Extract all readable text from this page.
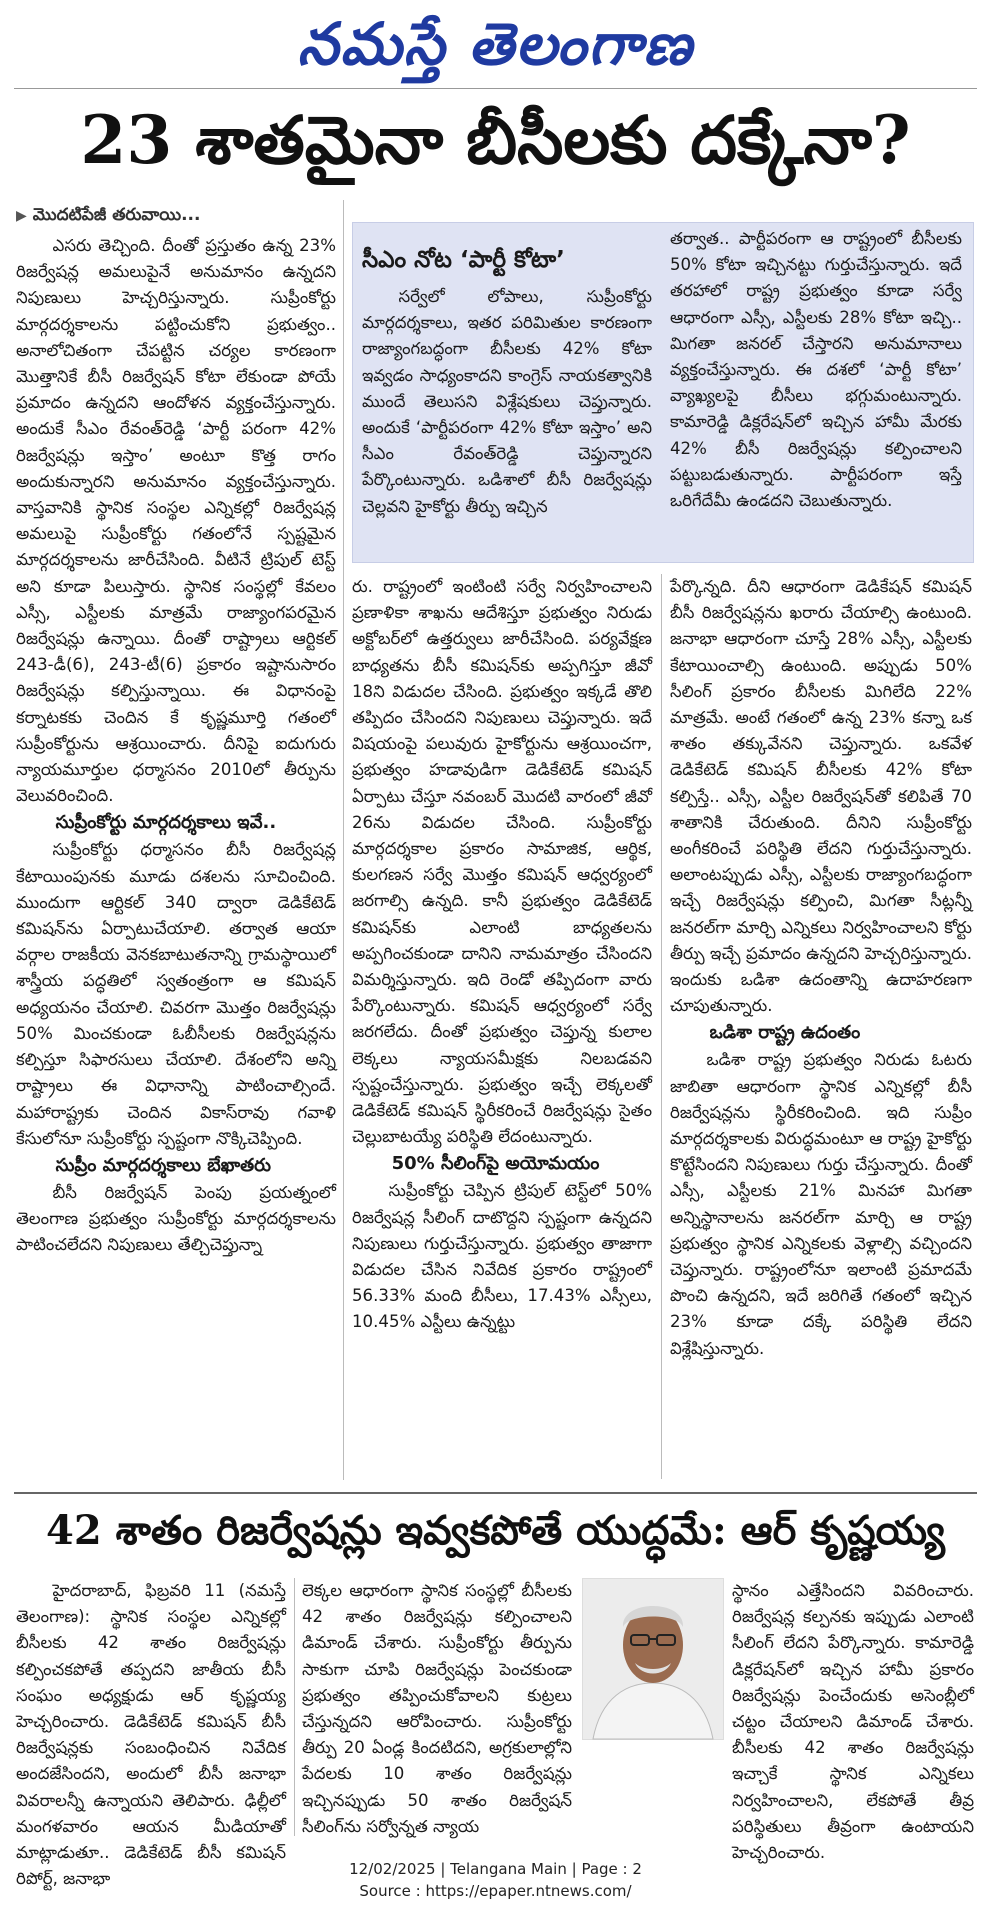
నమస్తే తెలంగాణ
23 శాతమైనా బీసీలకు దక్కేనా?
▶ మొదటిపేజీ తరువాయి...

ఎసరు తెచ్చింది. దీంతో ప్రస్తుతం ఉన్న 23% రిజర్వేషన్ల అమలుపైనే అనుమానం ఉన్నదని నిపుణులు హెచ్చరిస్తున్నారు. సుప్రీంకోర్టు మార్గదర్శకాలను పట్టించుకోని ప్రభుత్వం.. అనాలోచితంగా చేపట్టిన చర్యల కారణంగా మొత్తానికే బీసీ రిజర్వేషన్ కోటా లేకుండా పోయే ప్రమాదం ఉన్నదని ఆందోళన వ్యక్తంచేస్తున్నారు. అందుకే సీఎం రేవంత్‌రెడ్డి ‘పార్టీ పరంగా 42% రిజర్వేషన్లు ఇస్తాం’ అంటూ కొత్త రాగం అందుకున్నారని అనుమానం వ్యక్తంచేస్తున్నారు. వాస్తవానికి స్థానిక సంస్థల ఎన్నికల్లో రిజర్వేషన్ల అమలుపై సుప్రీంకోర్టు గతంలోనే స్పష్టమైన మార్గదర్శకాలను జారీచేసింది. వీటినే ట్రిపుల్ టెస్ట్ అని కూడా పిలుస్తారు. స్థానిక సంస్థల్లో కేవలం ఎస్సీ, ఎస్టీలకు మాత్రమే రాజ్యాంగపరమైన రిజర్వేషన్లు ఉన్నాయి. దీంతో రాష్ట్రాలు ఆర్టికల్ 243-డీ(6), 243-టీ(6) ప్రకారం ఇష్టానుసారం రిజర్వేషన్లు కల్పిస్తున్నాయి. ఈ విధానంపై కర్నాటకకు చెందిన కే కృష్ణమూర్తి గతంలో సుప్రీంకోర్టును ఆశ్రయించారు. దీనిపై ఐదుగురు న్యాయమూర్తుల ధర్మాసనం 2010లో తీర్పును వెలువరించింది.

సుప్రీంకోర్టు మార్గదర్శకాలు ఇవే..

సుప్రీంకోర్టు ధర్మాసనం బీసీ రిజర్వేషన్ల కేటాయింపునకు మూడు దశలను సూచించింది. ముందుగా ఆర్టికల్ 340 ద్వారా డెడికేటెడ్ కమిషన్‌ను ఏర్పాటుచేయాలి. తర్వాత ఆయా వర్గాల రాజకీయ వెనకబాటుతనాన్ని గ్రామస్థాయిలో శాస్త్రీయ పద్ధతిలో స్వతంత్రంగా ఆ కమిషన్ అధ్యయనం చేయాలి. చివరగా మొత్తం రిజర్వేషన్లు 50% మించకుండా ఓబీసీలకు రిజర్వేషన్లను కల్పిస్తూ సిఫారసులు చేయాలి. దేశంలోని అన్ని రాష్ట్రాలు ఈ విధానాన్ని పాటించాల్సిందే. మహారాష్ట్రకు చెందిన వికాస్‌రావు గవాళి కేసులోనూ సుప్రీంకోర్టు స్పష్టంగా నొక్కిచెప్పింది.

సుప్రీం మార్గదర్శకాలు బేఖాతరు

బీసీ రిజర్వేషన్ పెంపు ప్రయత్నంలో తెలంగాణ ప్రభుత్వం సుప్రీంకోర్టు మార్గదర్శకాలను పాటించలేదని నిపుణులు తేల్చిచెప్తున్నా

సీఎం నోట ‘పార్టీ కోటా’

సర్వేలో లోపాలు, సుప్రీంకోర్టు మార్గదర్శకాలు, ఇతర పరిమితుల కారణంగా రాజ్యాంగబద్ధంగా బీసీలకు 42% కోటా ఇవ్వడం సాధ్యంకాదని కాంగ్రెస్ నాయకత్వానికి ముందే తెలుసని విశ్లేషకులు చెప్తున్నారు. అందుకే ‘పార్టీపరంగా 42% కోటా ఇస్తాం’ అని సీఎం రేవంత్‌రెడ్డి చెప్తున్నారని పేర్కొంటున్నారు. ఒడిశాలో బీసీ రిజర్వేషన్లు చెల్లవని హైకోర్టు తీర్పు ఇచ్చిన

తర్వాత.. పార్టీపరంగా ఆ రాష్ట్రంలో బీసీలకు 50% కోటా ఇచ్చినట్టు గుర్తుచేస్తున్నారు. ఇదే తరహాలో రాష్ట్ర ప్రభుత్వం కూడా సర్వే ఆధారంగా ఎస్సీ, ఎస్టీలకు 28% కోటా ఇచ్చి.. మిగతా జనరల్ చేస్తారని అనుమానాలు వ్యక్తంచేస్తున్నారు. ఈ దశలో ‘పార్టీ కోటా’ వ్యాఖ్యలపై బీసీలు భగ్గుమంటున్నారు. కామారెడ్డి డిక్లరేషన్‌లో ఇచ్చిన హామీ మేరకు 42% బీసీ రిజర్వేషన్లు కల్పించాలని పట్టుబడుతున్నారు. పార్టీపరంగా ఇస్తే ఒరిగేదేమీ ఉండదని చెబుతున్నారు.

రు. రాష్ట్రంలో ఇంటింటి సర్వే నిర్వహించాలని ప్రణాళికా శాఖను ఆదేశిస్తూ ప్రభుత్వం నిరుడు అక్టోబర్‌లో ఉత్తర్వులు జారీచేసింది. పర్యవేక్షణ బాధ్యతను బీసీ కమిషన్‌కు అప్పగిస్తూ జీవో 18ని విడుదల చేసింది. ప్రభుత్వం ఇక్కడే తొలి తప్పిదం చేసిందని నిపుణులు చెప్తున్నారు. ఇదే విషయంపై పలువురు హైకోర్టును ఆశ్రయించగా, ప్రభుత్వం హడావుడిగా డెడికేటెడ్ కమిషన్ ఏర్పాటు చేస్తూ నవంబర్ మొదటి వారంలో జీవో 26ను విడుదల చేసింది. సుప్రీంకోర్టు మార్గదర్శకాల ప్రకారం సామాజిక, ఆర్థిక, కులగణన సర్వే మొత్తం కమిషన్ ఆధ్వర్యంలో జరగాల్సి ఉన్నది. కానీ ప్రభుత్వం డెడికేటెడ్ కమిషన్‌కు ఎలాంటి బాధ్యతలను అప్పగించకుండా దానిని నామమాత్రం చేసిందని విమర్శిస్తున్నారు. ఇది రెండో తప్పిదంగా వారు పేర్కొంటున్నారు. కమిషన్ ఆధ్వర్యంలో సర్వే జరగలేదు. దీంతో ప్రభుత్వం చెప్తున్న కులాల లెక్కలు న్యాయసమీక్షకు నిలబడవని స్పష్టంచేస్తున్నారు. ప్రభుత్వం ఇచ్చే లెక్కలతో డెడికేటెడ్ కమిషన్ స్థిరీకరించే రిజర్వేషన్లు సైతం చెల్లుబాటయ్యే పరిస్థితి లేదంటున్నారు.

50% సీలింగ్‌పై అయోమయం

సుప్రీంకోర్టు చెప్పిన ట్రిపుల్ టెస్ట్‌లో 50% రిజర్వేషన్ల సీలింగ్ దాటొద్దని స్పష్టంగా ఉన్నదని నిపుణులు గుర్తుచేస్తున్నారు. ప్రభుత్వం తాజాగా విడుదల చేసిన నివేదిక ప్రకారం రాష్ట్రంలో 56.33% మంది బీసీలు, 17.43% ఎస్సీలు, 10.45% ఎస్టీలు ఉన్నట్టు

పేర్కొన్నది. దీని ఆధారంగా డెడికేషన్ కమిషన్ బీసీ రిజర్వేషన్లను ఖరారు చేయాల్సి ఉంటుంది. జనాభా ఆధారంగా చూస్తే 28% ఎస్సీ, ఎస్టీలకు కేటాయించాల్సి ఉంటుంది. అప్పుడు 50% సీలింగ్ ప్రకారం బీసీలకు మిగిలేది 22% మాత్రమే. అంటే గతంలో ఉన్న 23% కన్నా ఒక శాతం తక్కువేనని చెప్తున్నారు. ఒకవేళ డెడికేటెడ్ కమిషన్ బీసీలకు 42% కోటా కల్పిస్తే.. ఎస్సీ, ఎస్టీల రిజర్వేషన్‌తో కలిపితే 70 శాతానికి చేరుతుంది. దీనిని సుప్రీంకోర్టు అంగీకరించే పరిస్థితి లేదని గుర్తుచేస్తున్నారు. అలాంటప్పుడు ఎస్సీ, ఎస్టీలకు రాజ్యాంగబద్ధంగా ఇచ్చే రిజర్వేషన్లు కల్పించి, మిగతా సీట్లన్నీ జనరల్‌గా మార్చి ఎన్నికలు నిర్వహించాలని కోర్టు తీర్పు ఇచ్చే ప్రమాదం ఉన్నదని హెచ్చరిస్తున్నారు. ఇందుకు ఒడిశా ఉదంతాన్ని ఉదాహరణగా చూపుతున్నారు.

ఒడిశా రాష్ట్ర ఉదంతం

ఒడిశా రాష్ట్ర ప్రభుత్వం నిరుడు ఓటరు జాబితా ఆధారంగా స్థానిక ఎన్నికల్లో బీసీ రిజర్వేషన్లను స్థిరీకరించింది. ఇది సుప్రీం మార్గదర్శకాలకు విరుద్ధమంటూ ఆ రాష్ట్ర హైకోర్టు కొట్టేసిందని నిపుణులు గుర్తు చేస్తున్నారు. దీంతో ఎస్సీ, ఎస్టీలకు 21% మినహా మిగతా అన్నిస్థానాలను జనరల్‌గా మార్చి ఆ రాష్ట్ర ప్రభుత్వం స్థానిక ఎన్నికలకు వెళ్లాల్సి వచ్చిందని చెప్తున్నారు. రాష్ట్రంలోనూ ఇలాంటి ప్రమాదమే పొంచి ఉన్నదని, ఇదే జరిగితే గతంలో ఇచ్చిన 23% కూడా దక్కే పరిస్థితి లేదని విశ్లేషిస్తున్నారు.

42 శాతం రిజర్వేషన్లు ఇవ్వకపోతే యుద్ధమే: ఆర్ కృష్ణయ్య

హైదరాబాద్, ఫిబ్రవరి 11 (నమస్తే తెలంగాణ): స్థానిక సంస్థల ఎన్నికల్లో బీసీలకు 42 శాతం రిజర్వేషన్లు కల్పించకపోతే తప్పదని జాతీయ బీసీ సంఘం అధ్యక్షుడు ఆర్ కృష్ణయ్య హెచ్చరించారు. డెడికేటెడ్ కమిషన్ బీసీ రిజర్వేషన్లకు సంబంధించిన నివేదిక అందజేసిందని, అందులో బీసీ జనాభా వివరాలన్నీ ఉన్నాయని తెలిపారు. ఢిల్లీలో మంగళవారం ఆయన మీడియాతో మాట్లాడుతూ.. డెడికేటెడ్ బీసీ కమిషన్ రిపోర్ట్, జనాభా

లెక్కల ఆధారంగా స్థానిక సంస్థల్లో బీసీలకు 42 శాతం రిజర్వేషన్లు కల్పించాలని డిమాండ్ చేశారు. సుప్రీంకోర్టు తీర్పును సాకుగా చూపి రిజర్వేషన్లు పెంచకుండా ప్రభుత్వం తప్పించుకోవాలని కుట్రలు చేస్తున్నదని ఆరోపించారు. సుప్రీంకోర్టు తీర్పు 20 ఏండ్ల కిందటిదని, అగ్రకులాల్లోని పేదలకు 10 శాతం రిజర్వేషన్లు ఇచ్చినప్పుడు 50 శాతం రిజర్వేషన్ సీలింగ్‌ను సర్వోన్నత న్యాయ

స్థానం ఎత్తేసిందని వివరించారు. రిజర్వేషన్ల కల్పనకు ఇప్పుడు ఎలాంటి సీలింగ్ లేదని పేర్కొన్నారు. కామారెడ్డి డిక్లరేషన్‌లో ఇచ్చిన హామీ ప్రకారం రిజర్వేషన్లు పెంచేందుకు అసెంబ్లీలో చట్టం చేయాలని డిమాండ్ చేశారు. బీసీలకు 42 శాతం రిజర్వేషన్లు ఇచ్చాకే స్థానిక ఎన్నికలు నిర్వహించాలని, లేకపోతే తీవ్ర పరిస్థితులు తీవ్రంగా ఉంటాయని హెచ్చరించారు.

12/02/2025 | Telangana Main | Page : 2
Source : https://epaper.ntnews.com/
